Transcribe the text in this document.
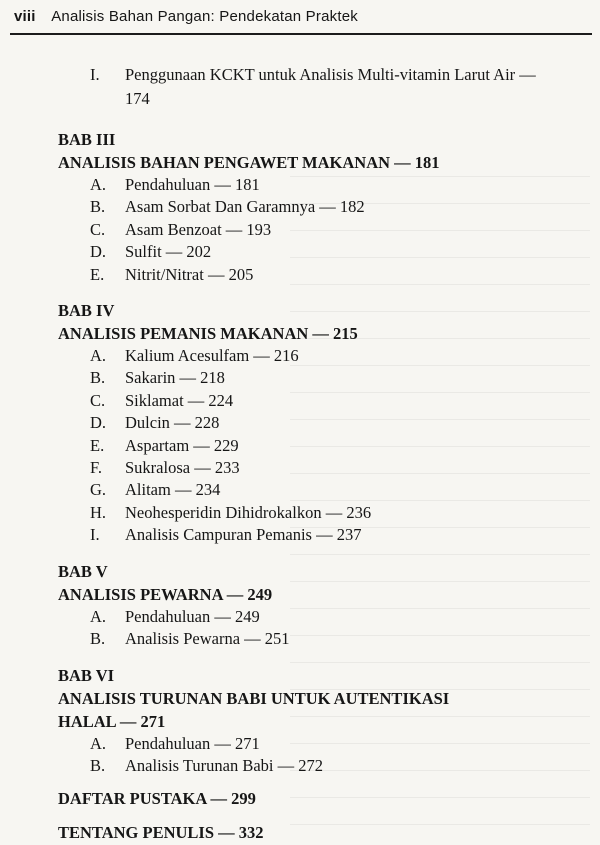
viii Analisis Bahan Pangan: Pendekatan Praktek
I. Penggunaan KCKT untuk Analisis Multi-vitamin Larut Air — 174
BAB III
ANALISIS BAHAN PENGAWET MAKANAN — 181
A. Pendahuluan — 181
B. Asam Sorbat Dan Garamnya — 182
C. Asam Benzoat — 193
D. Sulfit — 202
E. Nitrit/Nitrat — 205
BAB IV
ANALISIS PEMANIS MAKANAN — 215
A. Kalium Acesulfam — 216
B. Sakarin — 218
C. Siklamat — 224
D. Dulcin — 228
E. Aspartam — 229
F. Sukralosa — 233
G. Alitam — 234
H. Neohesperidin Dihidrokalkon — 236
I. Analisis Campuran Pemanis — 237
BAB V
ANALISIS PEWARNA — 249
A. Pendahuluan — 249
B. Analisis Pewarna — 251
BAB VI
ANALISIS TURUNAN BABI UNTUK AUTENTIKASI HALAL — 271
A. Pendahuluan — 271
B. Analisis Turunan Babi — 272
DAFTAR PUSTAKA — 299
TENTANG PENULIS — 332
